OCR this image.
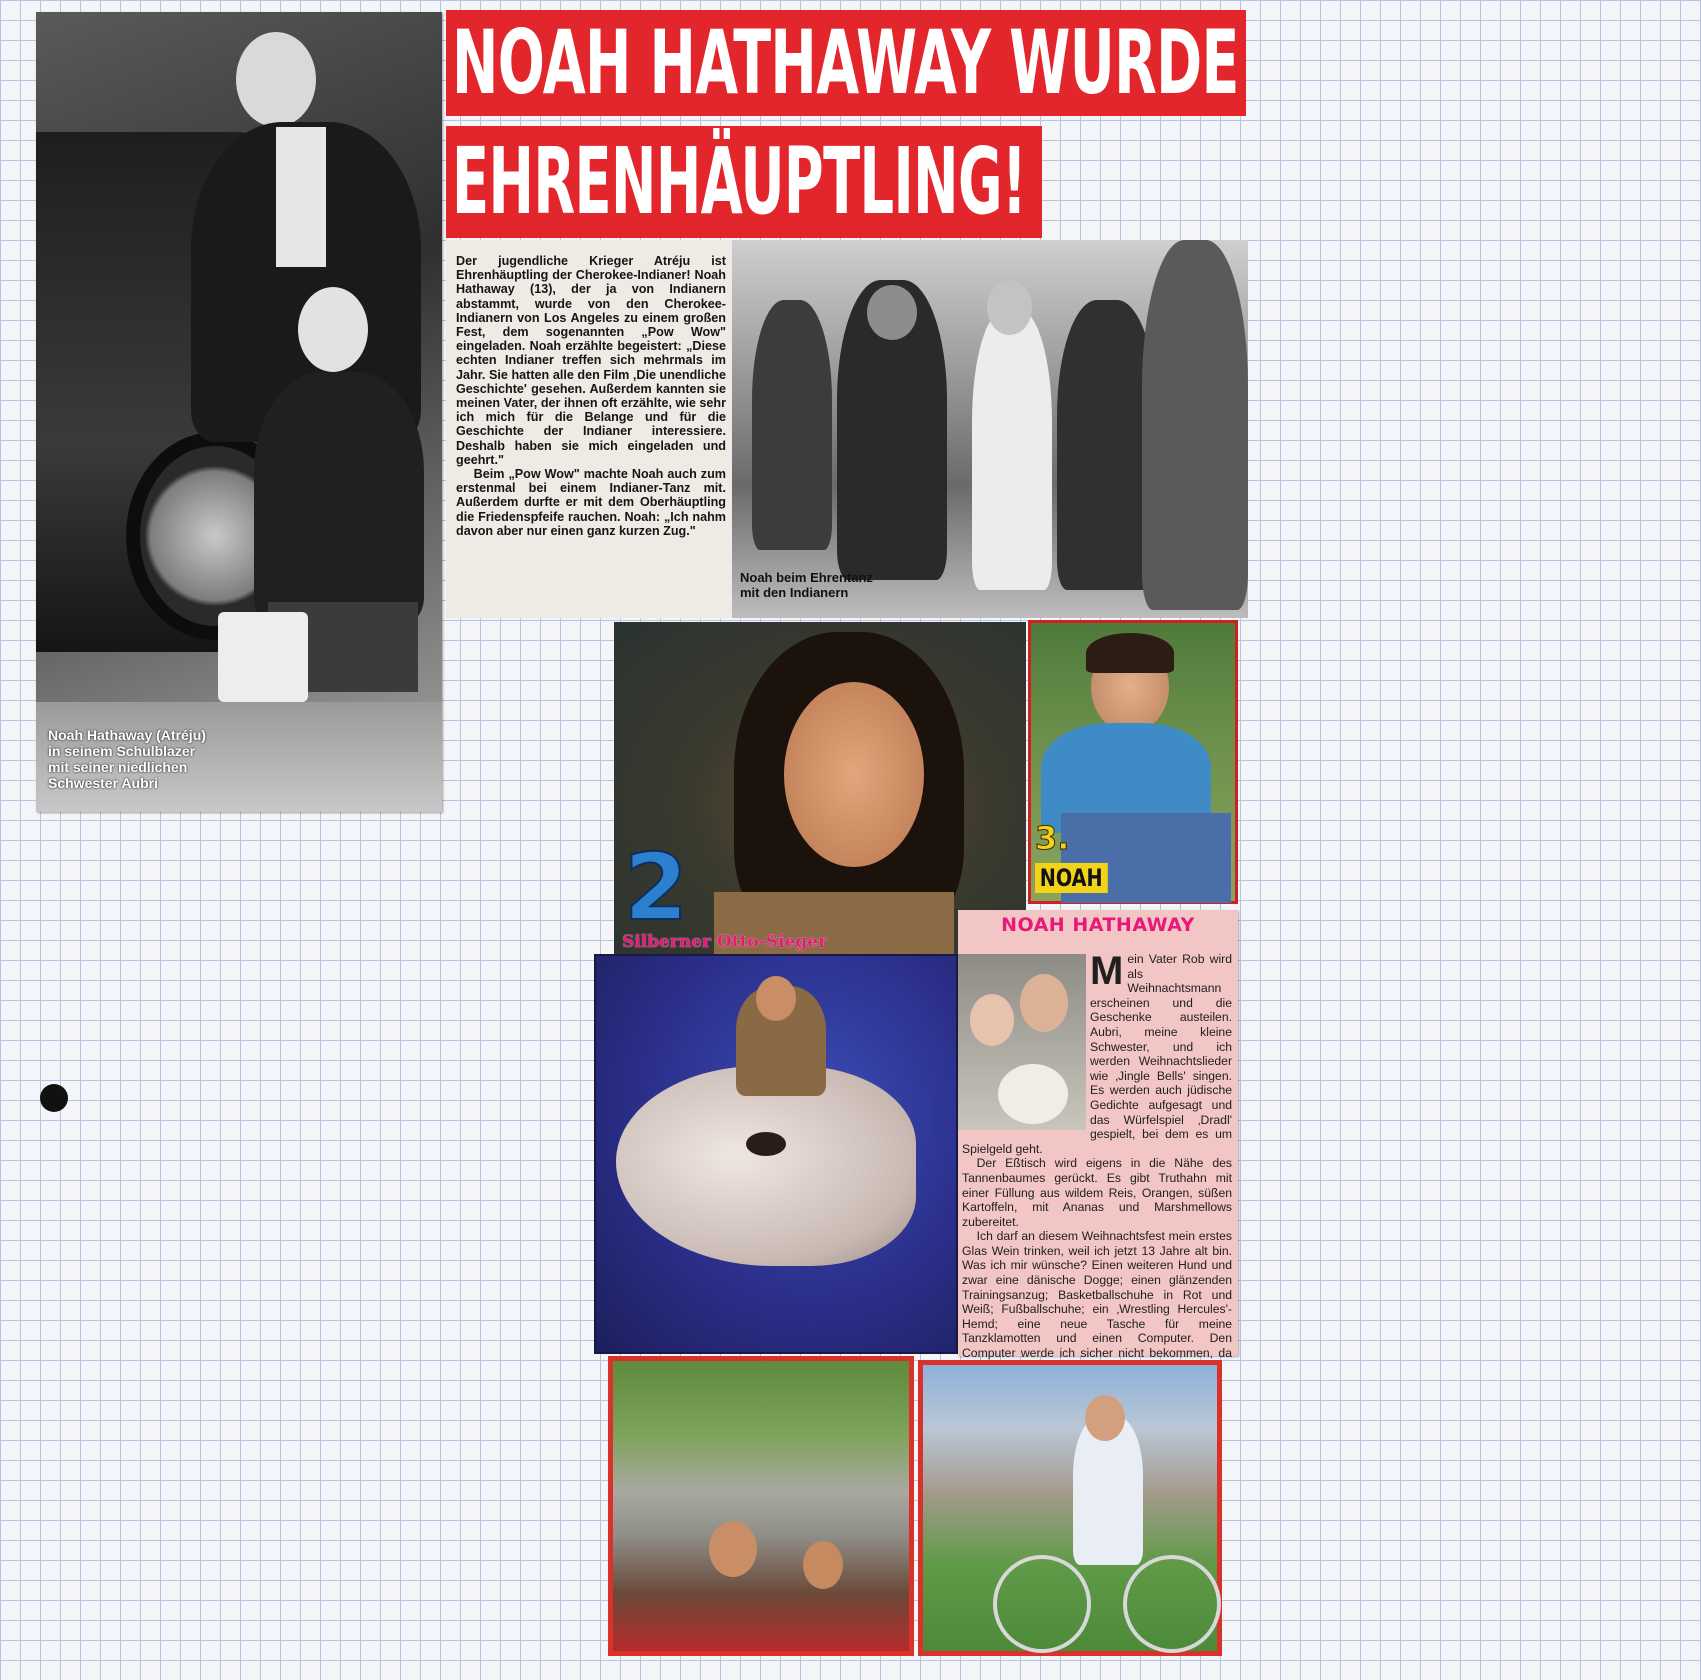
Noah Hathaway (Atréju) in seinem Schulblazer mit seiner niedlichen Schwester Aubri
NOAH HATHAWAY WURDE
EHRENHÄUPTLING!

Der jugendliche Krieger Atréju ist Ehrenhäuptling der Cherokee-Indianer! Noah Hathaway (13), der ja von Indianern abstammt, wurde von den Cherokee-Indianern von Los Angeles zu einem großen Fest, dem sogenannten „Pow Wow" eingeladen. Noah erzählte begeistert: „Diese echten Indianer treffen sich mehrmals im Jahr. Sie hatten alle den Film ‚Die unendliche Geschichte' gesehen. Außerdem kannten sie meinen Vater, der ihnen oft erzählte, wie sehr ich mich für die Belange und für die Geschichte der Indianer interessiere. Deshalb haben sie mich eingeladen und geehrt."

Beim „Pow Wow" machte Noah auch zum erstenmal bei einem Indianer-Tanz mit. Außerdem durfte er mit dem Oberhäuptling die Friedenspfeife rauchen. Noah: „Ich nahm davon aber nur einen ganz kurzen Zug."

Noah beim Ehrentanz
mit den Indianern
2
Silberner Otto-Sieger
3.
NOAH
NOAH HATHAWAY

Mein Vater Rob wird als Weihnachtsmann erscheinen und die Geschenke austeilen. Aubri, meine kleine Schwester, und ich werden Weihnachtslieder wie ‚Jingle Bells' singen. Es werden auch jüdische Gedichte aufgesagt und das Würfelspiel ‚Dradl' gespielt, bei dem es um Spielgeld geht.

Der Eßtisch wird eigens in die Nähe des Tannenbaumes gerückt. Es gibt Truthahn mit einer Füllung aus wildem Reis, Orangen, süßen Kartoffeln, mit Ananas und Marshmellows zubereitet.

Ich darf an diesem Weihnachtsfest mein erstes Glas Wein trinken, weil ich jetzt 13 Jahre alt bin. Was ich mir wünsche? Einen weiteren Hund und zwar eine dänische Dogge; einen glänzenden Trainingsanzug; Basketballschuhe in Rot und Weiß; Fußballschuhe; ein ‚Wrestling Hercules'-Hemd; eine neue Tasche für meine Tanzklamotten und einen Computer. Den Computer werde ich sicher nicht bekommen, da
